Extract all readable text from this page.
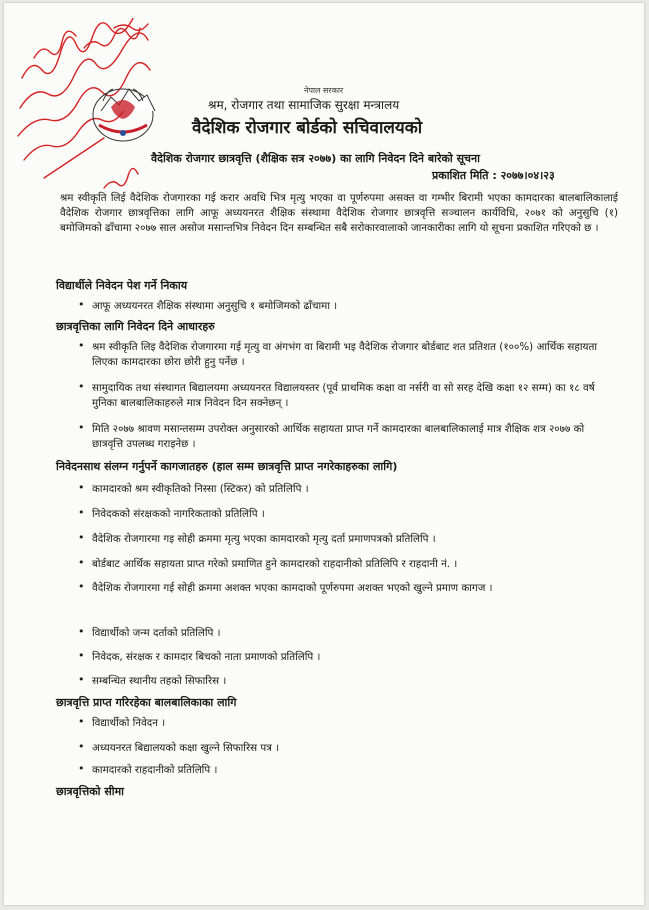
नेपाल सरकार
श्रम, रोजगार तथा सामाजिक सुरक्षा मन्त्रालय
वैदेशिक रोजगार बोर्डको सचिवालयको
वैदेशिक रोजगार छात्रवृत्ति (शैक्षिक सत्र २०७७) का लागि निवेदन दिने बारेको सूचना
प्रकाशित मिति : २०७७।०४।२३
श्रम स्वीकृति लिई वैदेशिक रोजगारका गई करार अवधि भित्र मृत्यु भएका वा पूर्णरुपमा असक्त वा गम्भीर बिरामी भएका कामदारका बालबालिकालाई वैदेशिक रोजगार छात्रवृत्तिका लागि आफू अध्ययनरत शैक्षिक संस्थामा वैदेशिक रोजगार छात्रवृत्ति सञ्चालन कार्यविधि, २०७१ को अनुसुचि (१) बमोजिमको ढाँचामा २०७७ साल असोज मसान्तभित्र निवेदन दिन सम्बन्धित सबै सरोकारवालाको जानकारीका लागि यो सूचना प्रकाशित गरिएको छ ।
विद्यार्थीले निवेदन पेश गर्ने निकाय
• आफू अध्ययनरत शैक्षिक संस्थामा अनुसुचि १ बमोजिमको ढाँचामा ।
छात्रवृत्तिका लागि निवेदन दिने आधारहरु
• श्रम स्वीकृति लिइ वैदेशिक रोजगारमा गई मृत्यु वा अंगभंग वा बिरामी भइ वैदेशिक रोजगार बोर्डबाट शत प्रतिशत (१००%) आर्थिक सहायता लिएका कामदारका छोरा छोरी हुनु पर्नेछ ।
• सामुदायिक तथा संस्थागत बिद्यालयमा अध्ययनरत विद्यालयस्तर (पूर्व प्राथमिक कक्षा वा नर्सरी वा सो सरह देखि कक्षा १२ सम्म) का १८ वर्ष मुनिका बालबालिकाहरुले मात्र निवेदन दिन सक्नेछन् ।
• मिति २०७७ श्रावण मसान्तसम्म उपरोक्त अनुसारको आर्थिक सहायता प्राप्त गर्ने कामदारका बालबालिकालाई मात्र शैक्षिक शत्र २०७७ को छात्रवृत्ति उपलब्ध गराइनेछ ।
निवेदनसाथ संलग्न गर्नुपर्ने कागजातहरु (हाल सम्म छात्रवृत्ति प्राप्त नगरेकाहरुका लागि)
• कामदारको श्रम स्वीकृतिको निस्सा (स्टिकर) को प्रतिलिपि ।
• निवेदकको संरक्षकको नागरिकताको प्रतिलिपि ।
• वैदेशिक रोजगारमा गइ सोही क्रममा मृत्यु भएका कामदारको मृत्यु दर्ता प्रमाणपत्रको प्रतिलिपि ।
• बोर्डबाट आर्थिक सहायता प्राप्त गरेको प्रमाणित हुने कामदारको राहदानीको प्रतिलिपि र राहदानी नं. ।
• वैदेशिक रोजगारमा गई सोही क्रममा अशक्त भएका कामदाको पूर्णरुपमा अशक्त भएको खुल्ने प्रमाण कागज ।
• विद्यार्थीको जन्म दर्ताको प्रतिलिपि ।
• निवेदक, संरक्षक र कामदार बिचको नाता प्रमाणको प्रतिलिपि ।
• सम्बन्धित स्थानीय तहको सिफारिस ।
छात्रवृत्ति प्राप्त गरिरहेका बालबालिकाका लागि
• विद्यार्थीको निवेदन ।
• अध्ययनरत बिद्यालयको कक्षा खुल्ने सिफारिस पत्र ।
• कामदारको राहदानीको प्रतिलिपि ।
छात्रवृत्तिको सीमा
